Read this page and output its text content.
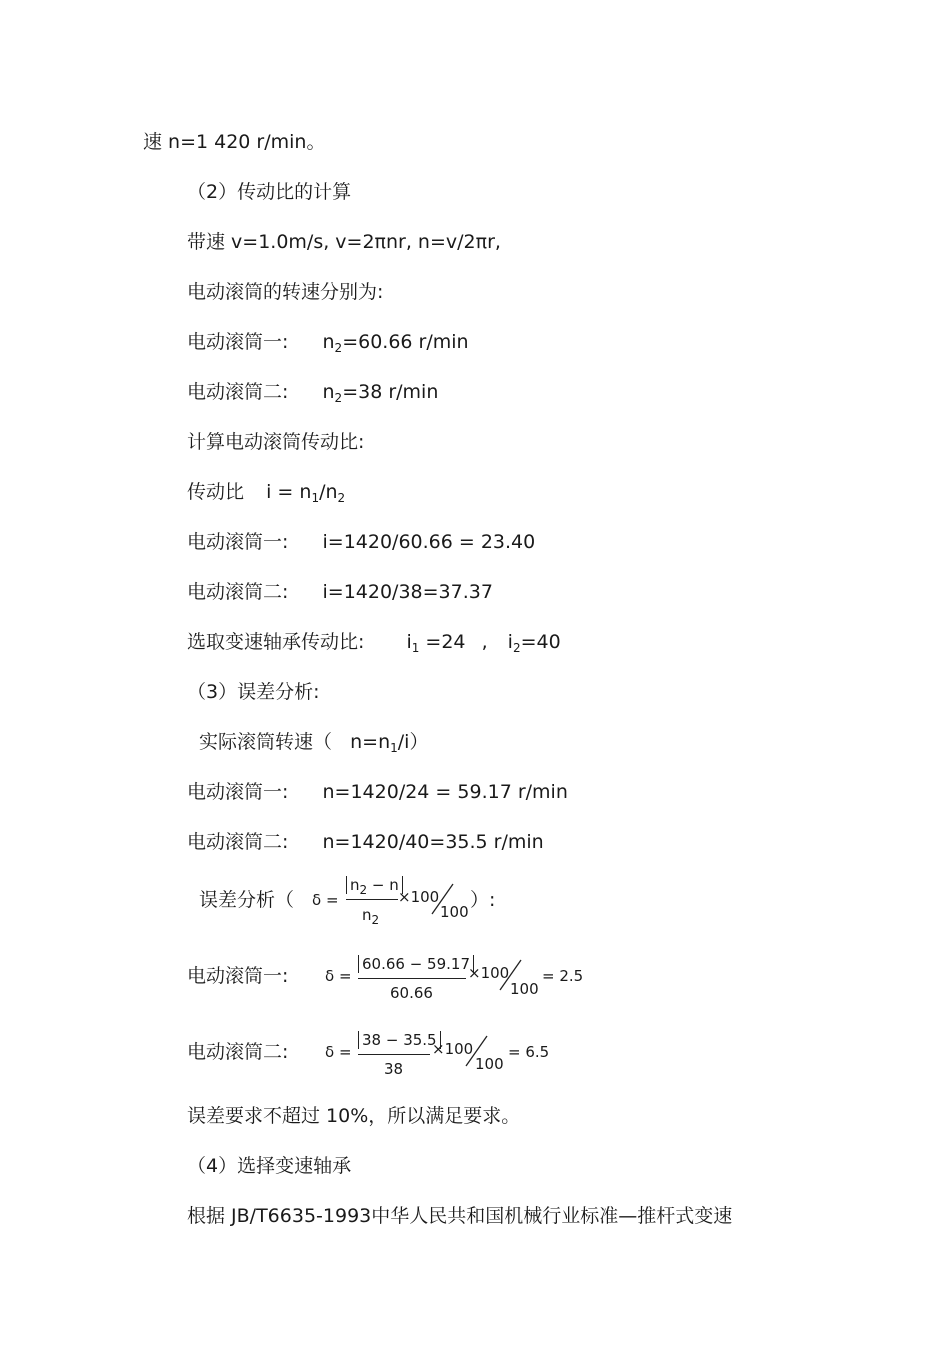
速 n=1 420 r/min。
（2）传动比的计算
带速 v=1.0m/s, v=2πnr, n=v/2πr,
电动滚筒的转速分别为:
电动滚筒一: $n_2=60.66$ r/min
电动滚筒二: $n_2=38$ r/min
计算电动滚筒传动比:
传动比 $i = n_1/n_2$
电动滚筒一: i=1420/60.66 = 23.40
电动滚筒二: i=1420/38=37.37
选取变速轴承传动比: $i_1 =24$ , $i_2=40$
（3）误差分析:
实际滚筒转速（ $n=n_1/i$）
电动滚筒一: n=1420/24 = 59.17 r/min
电动滚筒二: n=1420/40=35.5 r/min
误差分析（ δ =
$n_2 - n$
$n_2$
×100
100
）:
电动滚筒一: δ =
60.66 − 59.17
60.66
×100
100
= 2.5
电动滚筒二: δ =
38 − 35.5
38
×100
100
= 6.5
误差要求不超过 10%，所以满足要求。
（4）选择变速轴承
根据 JB/T6635-1993中华人民共和国机械行业标准—推杆式变速
